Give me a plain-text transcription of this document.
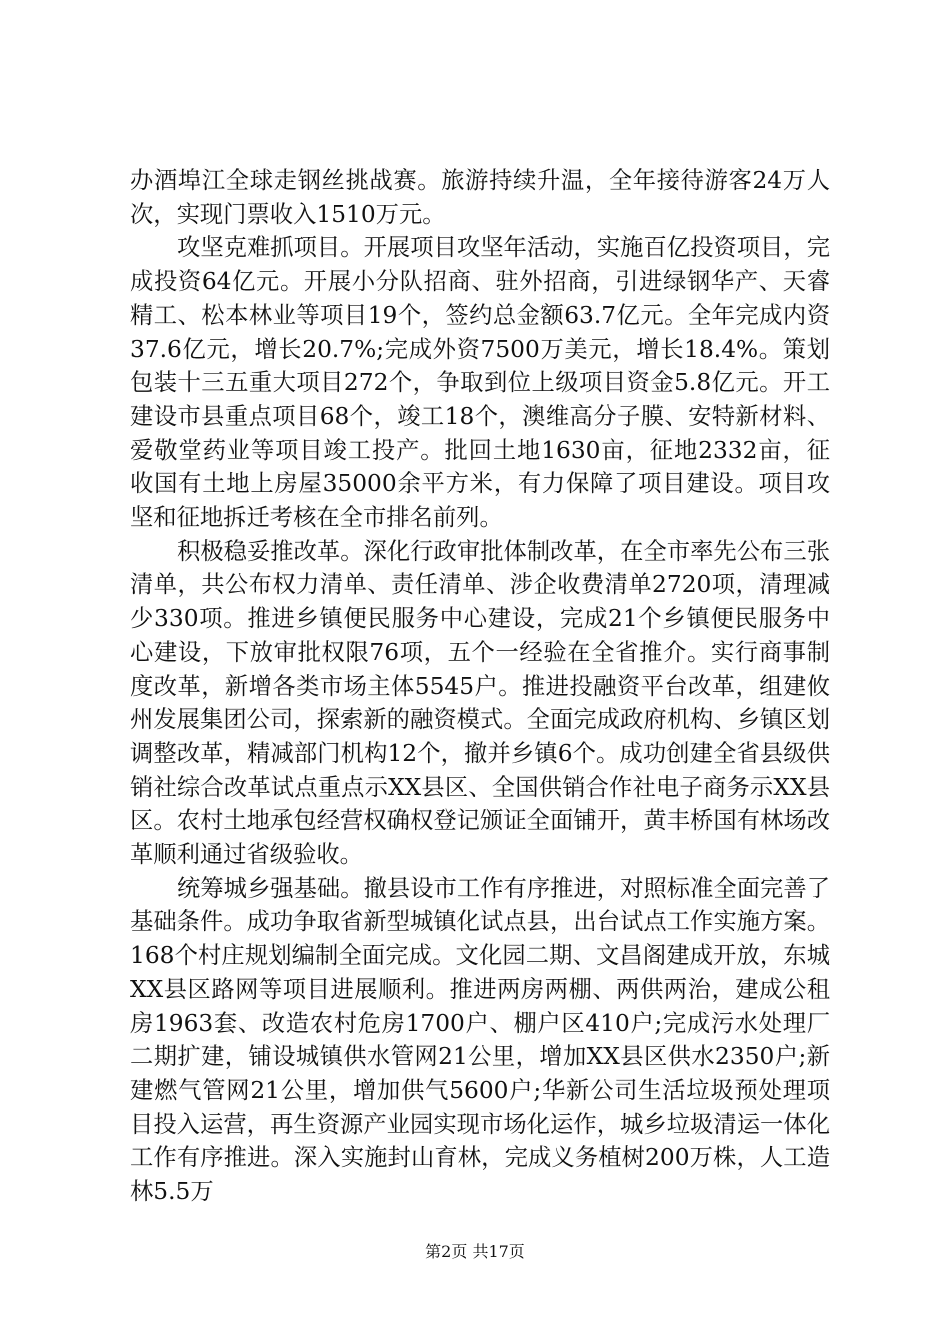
办酒埠江全球走钢丝挑战赛。旅游持续升温，全年接待游客24万人次，实现门票收入1510万元。

攻坚克难抓项目。开展项目攻坚年活动，实施百亿投资项目，完成投资64亿元。开展小分队招商、驻外招商，引进绿钢华产、天睿精工、松本林业等项目19个，签约总金额63.7亿元。全年完成内资37.6亿元，增长20.7%;完成外资7500万美元，增长18.4%。策划包装十三五重大项目272个，争取到位上级项目资金5.8亿元。开工建设市县重点项目68个，竣工18个，澳维高分子膜、安特新材料、爱敬堂药业等项目竣工投产。批回土地1630亩，征地2332亩，征收国有土地上房屋35000余平方米，有力保障了项目建设。项目攻坚和征地拆迁考核在全市排名前列。

积极稳妥推改革。深化行政审批体制改革，在全市率先公布三张清单，共公布权力清单、责任清单、涉企收费清单2720项，清理减少330项。推进乡镇便民服务中心建设，完成21个乡镇便民服务中心建设，下放审批权限76项，五个一经验在全省推介。实行商事制度改革，新增各类市场主体5545户。推进投融资平台改革，组建攸州发展集团公司，探索新的融资模式。全面完成政府机构、乡镇区划调整改革，精减部门机构12个，撤并乡镇6个。成功创建全省县级供销社综合改革试点重点示XX县区、全国供销合作社电子商务示XX县区。农村土地承包经营权确权登记颁证全面铺开，黄丰桥国有林场改革顺利通过省级验收。

统筹城乡强基础。撤县设市工作有序推进，对照标准全面完善了基础条件。成功争取省新型城镇化试点县，出台试点工作实施方案。168个村庄规划编制全面完成。文化园二期、文昌阁建成开放，东城XX县区路网等项目进展顺利。推进两房两棚、两供两治，建成公租房1963套、改造农村危房1700户、棚户区410户;完成污水处理厂二期扩建，铺设城镇供水管网21公里，增加XX县区供水2350户;新建燃气管网21公里，增加供气5600户;华新公司生活垃圾预处理项目投入运营，再生资源产业园实现市场化运作，城乡垃圾清运一体化工作有序推进。深入实施封山育林，完成义务植树200万株，人工造林5.5万

第2页 共17页
